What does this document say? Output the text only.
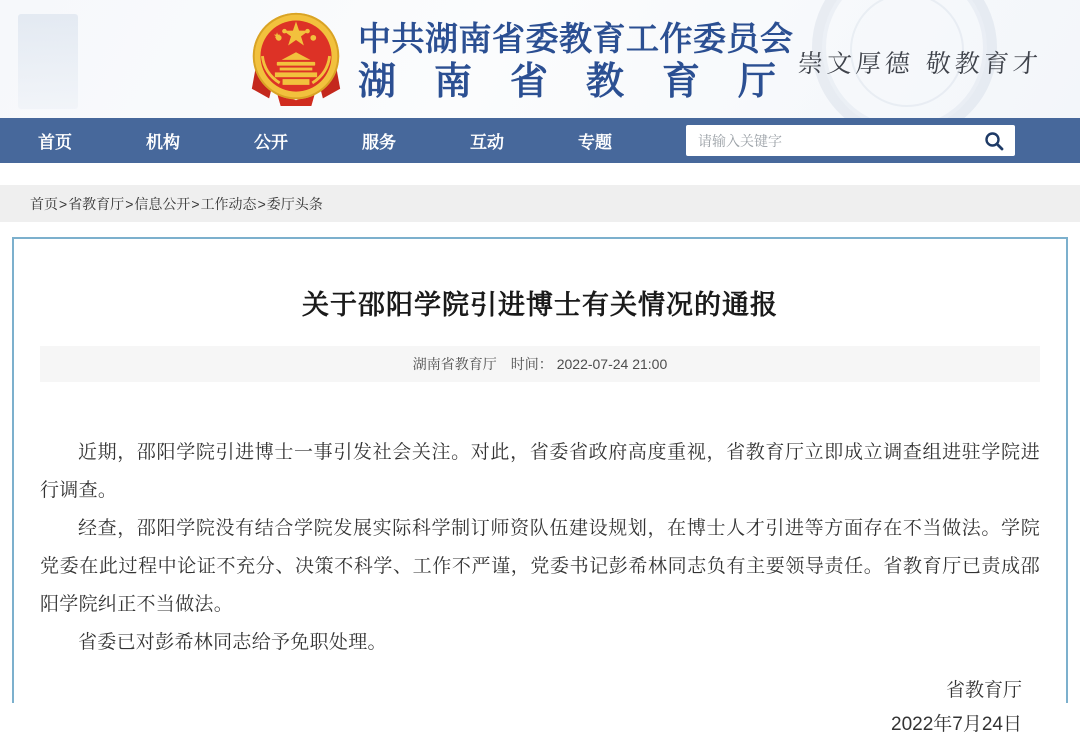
中共湖南省委教育工作委员会
湖南省教育厅
崇文厚德 敬教育才
首页	机构	公开	服务	互动	专题
请输入关键字
首页 > 省教育厅 > 信息公开 > 工作动态 > 委厅头条
关于邵阳学院引进博士有关情况的通报
湖南省教育厅 时间： 2022-07-24 21:00

近期，邵阳学院引进博士一事引发社会关注。对此，省委省政府高度重视，省教育厅立即成立调查组进驻学院进行调查。

经查，邵阳学院没有结合学院发展实际科学制订师资队伍建设规划，在博士人才引进等方面存在不当做法。学院党委在此过程中论证不充分、决策不科学、工作不严谨，党委书记彭希林同志负有主要领导责任。省教育厅已责成邵阳学院纠正不当做法。

省委已对彭希林同志给予免职处理。

省教育厅
2022年7月24日
